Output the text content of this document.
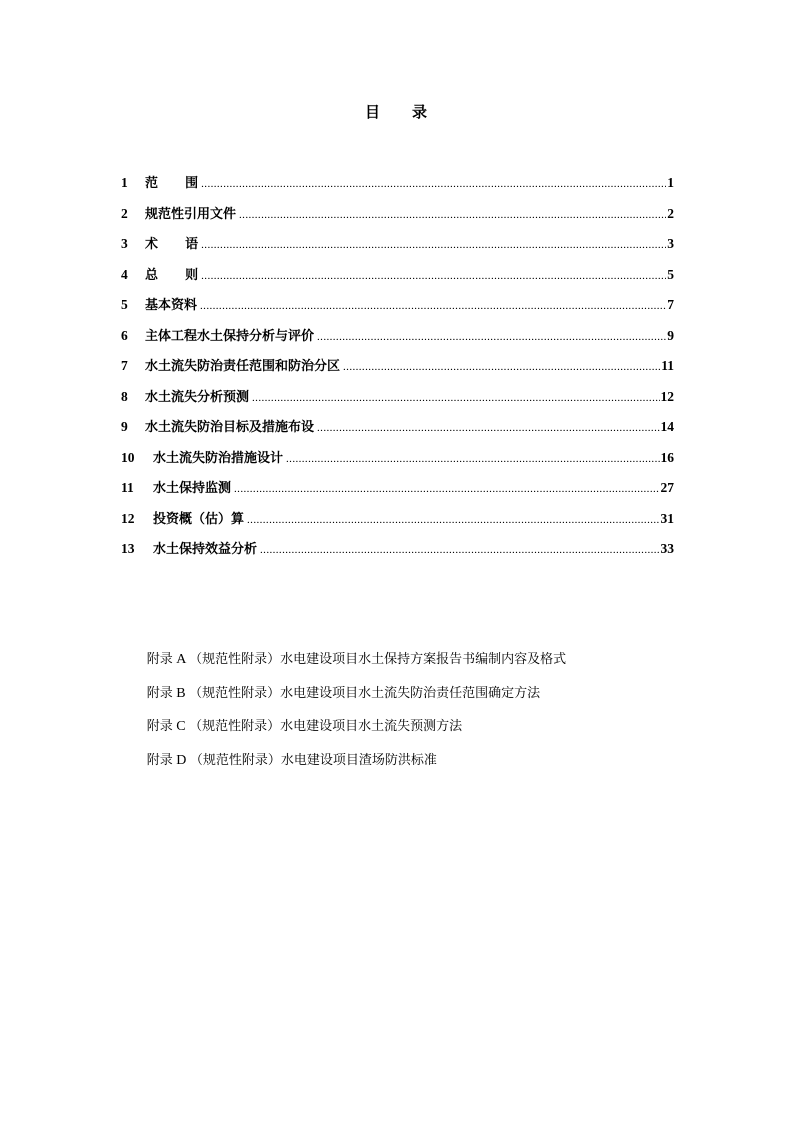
目 录
1	范      围 .....	1
2	规范性引用文件 .....	2
3	术      语 .....	3
4	总      则 .....	5
5	基本资料 .....	7
6	主体工程水土保持分析与评价 .....	9
7	水土流失防治责任范围和防治分区 .....	11
8	水土流失分析预测 .....	12
9	水土流失防治目标及措施布设 .....	14
10	水土流失防治措施设计 .....	16
11	水土保持监测 .....	27
12	投资概（估）算 .....	31
13	水土保持效益分析 .....	33

附录 A （规范性附录）水电建设项目水土保持方案报告书编制内容及格式

附录 B （规范性附录）水电建设项目水土流失防治责任范围确定方法

附录 C （规范性附录）水电建设项目水土流失预测方法

附录 D （规范性附录）水电建设项目渣场防洪标准
